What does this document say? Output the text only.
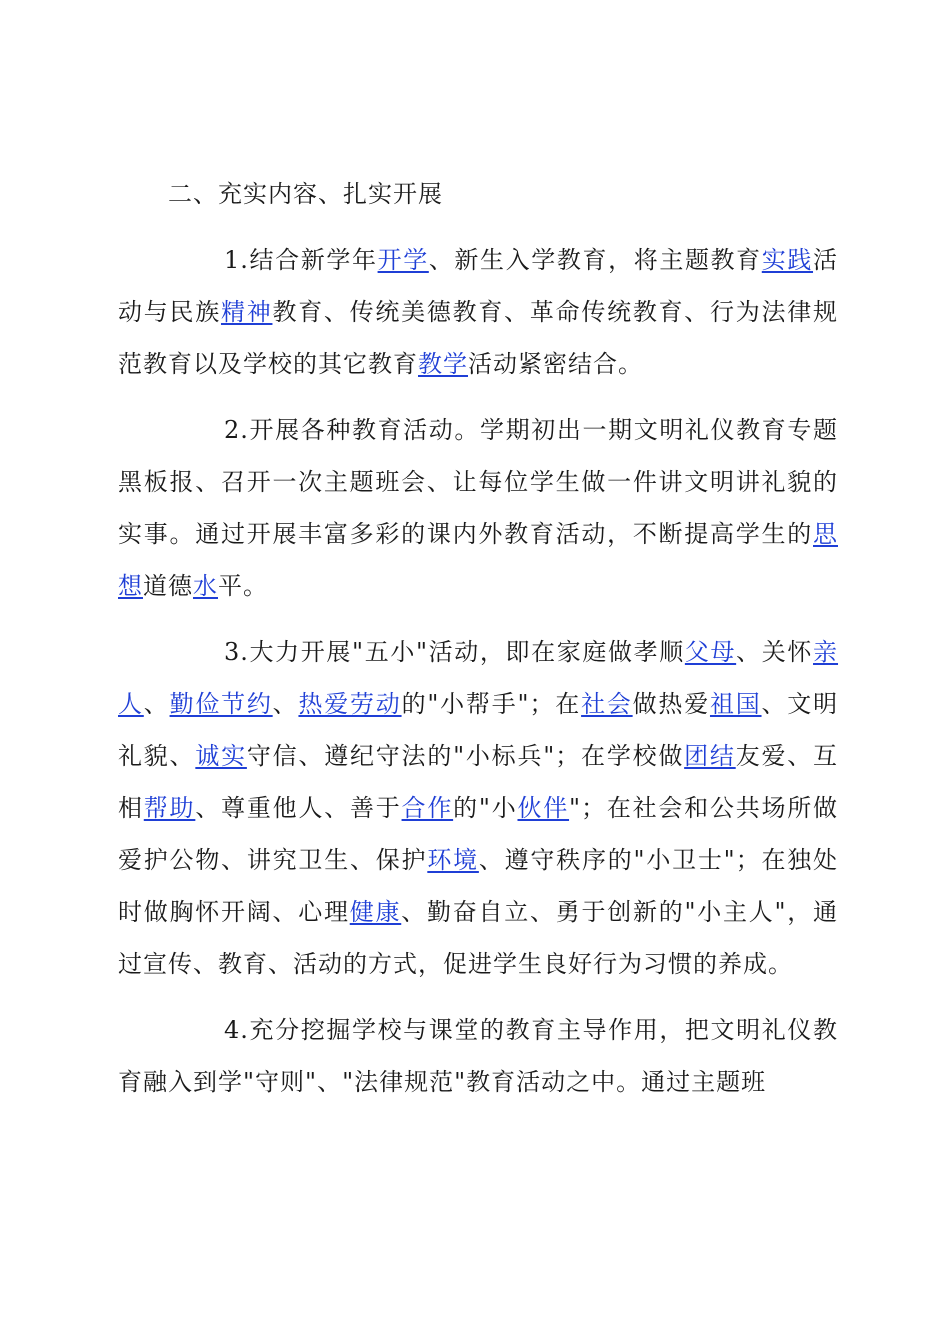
二、充实内容、扎实开展

1.结合新学年开学、新生入学教育，将主题教育实践活动与民族精神教育、传统美德教育、革命传统教育、行为法律规范教育以及学校的其它教育教学活动紧密结合。

2.开展各种教育活动。学期初出一期文明礼仪教育专题黑板报、召开一次主题班会、让每位学生做一件讲文明讲礼貌的实事。通过开展丰富多彩的课内外教育活动，不断提高学生的思想道德水平。

3.大力开展"五小"活动，即在家庭做孝顺父母、关怀亲人、勤俭节约、热爱劳动的"小帮手"；在社会做热爱祖国、文明礼貌、诚实守信、遵纪守法的"小标兵"；在学校做团结友爱、互相帮助、尊重他人、善于合作的"小伙伴"；在社会和公共场所做爱护公物、讲究卫生、保护环境、遵守秩序的"小卫士"；在独处时做胸怀开阔、心理健康、勤奋自立、勇于创新的"小主人"，通过宣传、教育、活动的方式，促进学生良好行为习惯的养成。

4.充分挖掘学校与课堂的教育主导作用，把文明礼仪教育融入到学"守则"、"法律规范"教育活动之中。通过主题班
